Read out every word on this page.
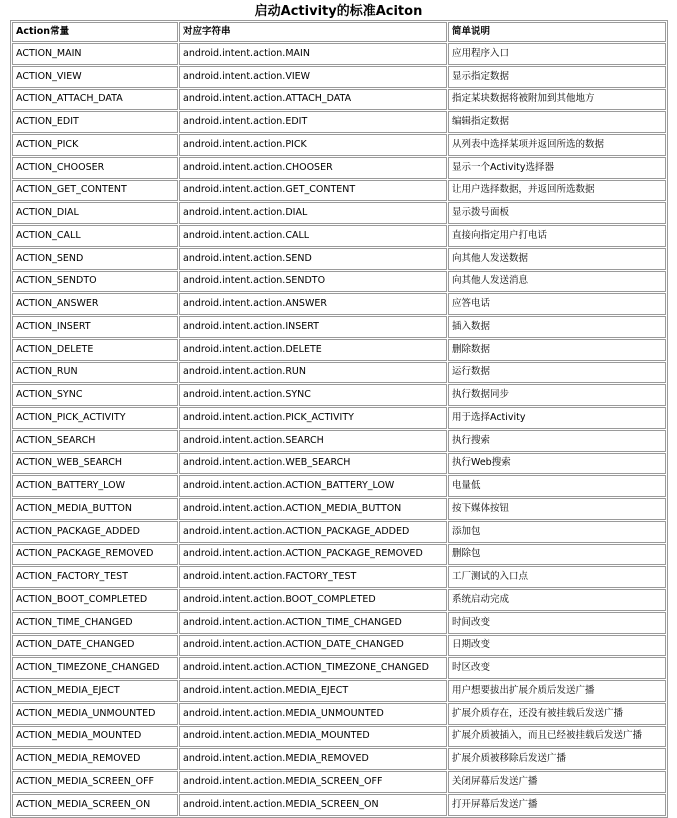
启动Activity的标准Aciton
Action常量	对应字符串	简单说明
ACTION_MAIN	android.intent.action.MAIN	应用程序入口
ACTION_VIEW	android.intent.action.VIEW	显示指定数据
ACTION_ATTACH_DATA	android.intent.action.ATTACH_DATA	指定某块数据将被附加到其他地方
ACTION_EDIT	android.intent.action.EDIT	编辑指定数据
ACTION_PICK	android.intent.action.PICK	从列表中选择某项并返回所选的数据
ACTION_CHOOSER	android.intent.action.CHOOSER	显示一个Activity选择器
ACTION_GET_CONTENT	android.intent.action.GET_CONTENT	让用户选择数据，并返回所选数据
ACTION_DIAL	android.intent.action.DIAL	显示拨号面板
ACTION_CALL	android.intent.action.CALL	直接向指定用户打电话
ACTION_SEND	android.intent.action.SEND	向其他人发送数据
ACTION_SENDTO	android.intent.action.SENDTO	向其他人发送消息
ACTION_ANSWER	android.intent.action.ANSWER	应答电话
ACTION_INSERT	android.intent.action.INSERT	插入数据
ACTION_DELETE	android.intent.action.DELETE	删除数据
ACTION_RUN	android.intent.action.RUN	运行数据
ACTION_SYNC	android.intent.action.SYNC	执行数据同步
ACTION_PICK_ACTIVITY	android.intent.action.PICK_ACTIVITY	用于选择Activity
ACTION_SEARCH	android.intent.action.SEARCH	执行搜索
ACTION_WEB_SEARCH	android.intent.action.WEB_SEARCH	执行Web搜索
ACTION_BATTERY_LOW	android.intent.action.ACTION_BATTERY_LOW	电量低
ACTION_MEDIA_BUTTON	android.intent.action.ACTION_MEDIA_BUTTON	按下媒体按钮
ACTION_PACKAGE_ADDED	android.intent.action.ACTION_PACKAGE_ADDED	添加包
ACTION_PACKAGE_REMOVED	android.intent.action.ACTION_PACKAGE_REMOVED	删除包
ACTION_FACTORY_TEST	android.intent.action.FACTORY_TEST	工厂测试的入口点
ACTION_BOOT_COMPLETED	android.intent.action.BOOT_COMPLETED	系统启动完成
ACTION_TIME_CHANGED	android.intent.action.ACTION_TIME_CHANGED	时间改变
ACTION_DATE_CHANGED	android.intent.action.ACTION_DATE_CHANGED	日期改变
ACTION_TIMEZONE_CHANGED	android.intent.action.ACTION_TIMEZONE_CHANGED	时区改变
ACTION_MEDIA_EJECT	android.intent.action.MEDIA_EJECT	用户想要拔出扩展介质后发送广播
ACTION_MEDIA_UNMOUNTED	android.intent.action.MEDIA_UNMOUNTED	扩展介质存在，还没有被挂载后发送广播
ACTION_MEDIA_MOUNTED	android.intent.action.MEDIA_MOUNTED	扩展介质被插入，而且已经被挂载后发送广播
ACTION_MEDIA_REMOVED	android.intent.action.MEDIA_REMOVED	扩展介质被移除后发送广播
ACTION_MEDIA_SCREEN_OFF	android.intent.action.MEDIA_SCREEN_OFF	关闭屏幕后发送广播
ACTION_MEDIA_SCREEN_ON	android.intent.action.MEDIA_SCREEN_ON	打开屏幕后发送广播
